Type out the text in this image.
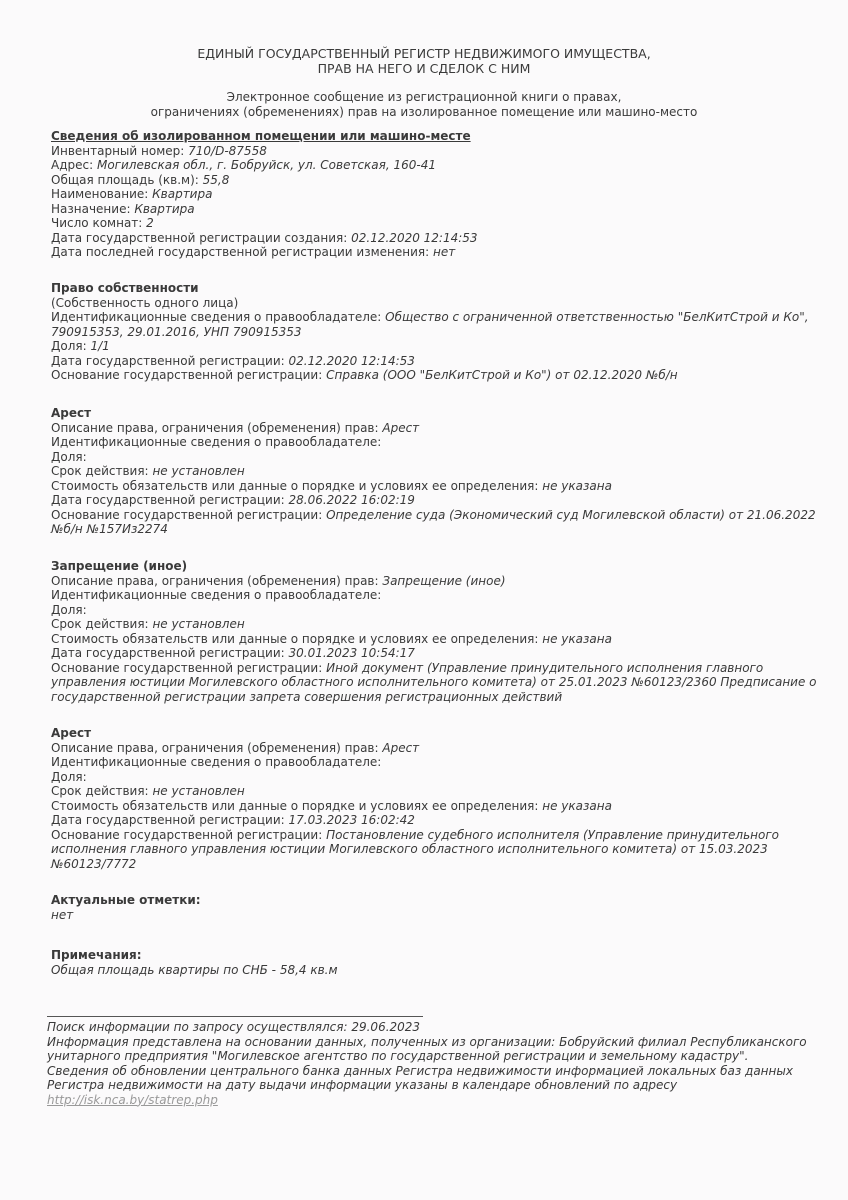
ЕДИНЫЙ ГОСУДАРСТВЕННЫЙ РЕГИСТР НЕДВИЖИМОГО ИМУЩЕСТВА,
ПРАВ НА НЕГО И СДЕЛОК С НИМ
Электронное сообщение из регистрационной книги о правах,
ограничениях (обременениях) прав на изолированное помещение или машино-место
Сведения об изолированном помещении или машино-месте
Инвентарный номер: 710/D-87558
Адрес: Могилевская обл., г. Бобруйск, ул. Советская, 160-41
Общая площадь (кв.м): 55,8
Наименование: Квартира
Назначение: Квартира
Число комнат: 2
Дата государственной регистрации создания: 02.12.2020 12:14:53
Дата последней государственной регистрации изменения: нет
Право собственности
(Собственность одного лица)
Идентификационные сведения о правообладателе: Общество с ограниченной ответственностью "БелКитСтрой и Ко",
790915353, 29.01.2016, УНП 790915353
Доля: 1/1
Дата государственной регистрации: 02.12.2020 12:14:53
Основание государственной регистрации: Справка (ООО "БелКитСтрой и Ко") от 02.12.2020 №б/н
Арест
Описание права, ограничения (обременения) прав: Арест
Идентификационные сведения о правообладателе:
Доля:
Срок действия: не установлен
Стоимость обязательств или данные о порядке и условиях ее определения: не указана
Дата государственной регистрации: 28.06.2022 16:02:19
Основание государственной регистрации: Определение суда (Экономический суд Могилевской области) от 21.06.2022
№б/н №157Из2274
Запрещение (иное)
Описание права, ограничения (обременения) прав: Запрещение (иное)
Идентификационные сведения о правообладателе:
Доля:
Срок действия: не установлен
Стоимость обязательств или данные о порядке и условиях ее определения: не указана
Дата государственной регистрации: 30.01.2023 10:54:17
Основание государственной регистрации: Иной документ (Управление принудительного исполнения главного
управления юстиции Могилевского областного исполнительного комитета) от 25.01.2023 №60123/2360 Предписание о
государственной регистрации запрета совершения регистрационных действий
Арест
Описание права, ограничения (обременения) прав: Арест
Идентификационные сведения о правообладателе:
Доля:
Срок действия: не установлен
Стоимость обязательств или данные о порядке и условиях ее определения: не указана
Дата государственной регистрации: 17.03.2023 16:02:42
Основание государственной регистрации: Постановление судебного исполнителя (Управление принудительного
исполнения главного управления юстиции Могилевского областного исполнительного комитета) от 15.03.2023
№60123/7772
Актуальные отметки:
нет
Примечания:
Общая площадь квартиры по СНБ - 58,4 кв.м
Поиск информации по запросу осуществлялся: 29.06.2023
Информация представлена на основании данных, полученных из организации: Бобруйский филиал Республиканского
унитарного предприятия "Могилевское агентство по государственной регистрации и земельному кадастру".
Сведения об обновлении центрального банка данных Регистра недвижимости информацией локальных баз данных
Регистра недвижимости на дату выдачи информации указаны в календаре обновлений по адресу
http://isk.nca.by/statrep.php
